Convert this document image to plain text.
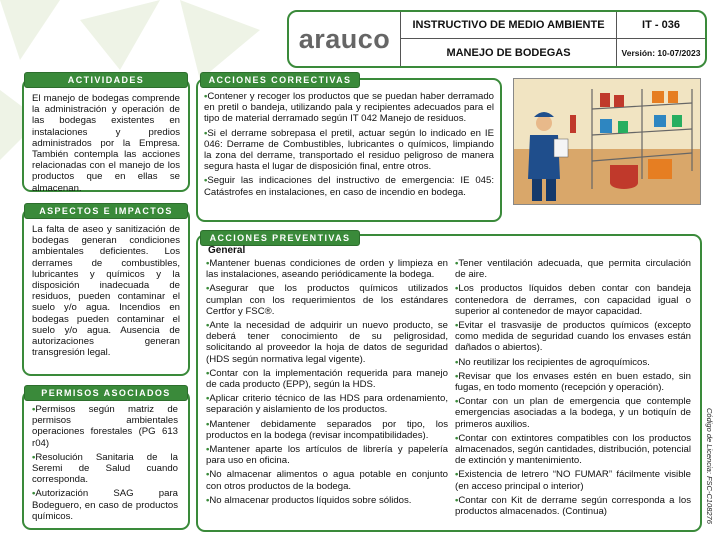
arauco	INSTRUCTIVO DE MEDIO AMBIENTE	IT - 036
MANEJO DE BODEGAS	Versión: 10-07/2023
ACTIVIDADES
El manejo de bodegas comprende la administración y operación de las bodegas existentes en instalaciones y predios administrados por la Empresa. También contempla las acciones relacionadas con el manejo de los productos que en ellas se almacenan.
ASPECTOS E IMPACTOS
La falta de aseo y sanitización de bodegas generan condiciones ambientales deficientes. Los derrames de combustibles, lubricantes y químicos y la disposición inadecuada de residuos, pueden contaminar el suelo y/o agua. Incendios en bodegas pueden contaminar el suelo y/o agua. Ausencia de autorizaciones generan transgresión legal.
PERMISOS ASOCIADOS

•Permisos según matriz de permisos ambientales operaciones forestales (PG 613 r04)

•Resolución Sanitaria de la Seremi de Salud cuando corresponda.

•Autorización SAG para Bodeguero, en caso de productos químicos.

ACCIONES CORRECTIVAS

•Contener y recoger los productos que se puedan haber derramado en pretil o bandeja, utilizando pala y recipientes adecuados para el tipo de material derramado según IT 042 Manejo de residuos.

•Si el derrame sobrepasa el pretil, actuar según lo indicado en IE 046: Derrame de Combustibles, lubricantes o químicos, limpiando la zona del derrame, transportado el residuo peligroso de manera segura hasta el lugar de disposición final, entre otros.

•Seguir las indicaciones del instructivo de emergencia: IE 045: Catástrofes en instalaciones, en caso de incendio en bodega.

ACCIONES PREVENTIVAS
General

•Mantener buenas condiciones de orden y limpieza en las instalaciones, aseando periódicamente la bodega.

•Asegurar que los productos químicos utilizados cumplan con los requerimientos de los estándares Certfor y FSC®.

•Ante la necesidad de adquirir un nuevo producto, se deberá tener conocimiento de su peligrosidad, solicitando al proveedor la hoja de datos de seguridad (HDS según normativa legal vigente).

•Contar con la implementación requerida para manejo de cada producto (EPP), según la HDS.

•Aplicar criterio técnico de las HDS para ordenamiento, separación y aislamiento de los productos.

•Mantener debidamente separados por tipo, los productos en la bodega (revisar incompatibilidades).

•Mantener aparte los artículos de librería y papelería para uso en oficina.

•No almacenar alimentos o agua potable en conjunto con otros productos de la bodega.

•No almacenar productos líquidos sobre sólidos.

•Tener ventilación adecuada, que permita circulación de aire.

•Los productos líquidos deben contar con bandeja contenedora de derrames, con capacidad igual o superior al contenedor de mayor capacidad.

•Evitar el trasvasije de productos químicos (excepto como medida de seguridad cuando los envases están dañados o abiertos).

•No reutilizar los recipientes de agroquímicos.

•Revisar que los envases estén en buen estado, sin fugas, en todo momento (recepción y operación).

•Contar con un plan de emergencia que contemple emergencias asociadas a la bodega, y un botiquín de primeros auxilios.

•Contar con extintores compatibles con los productos almacenados, según cantidades, distribución, potencial de extinción y mantenimiento.

•Existencia de letrero “NO FUMAR” fácilmente visible (en acceso principal o interior)

•Contar con Kit de derrame según corresponda a los productos almacenados. (Continua)	Código de Licencia: FSC-C108276
